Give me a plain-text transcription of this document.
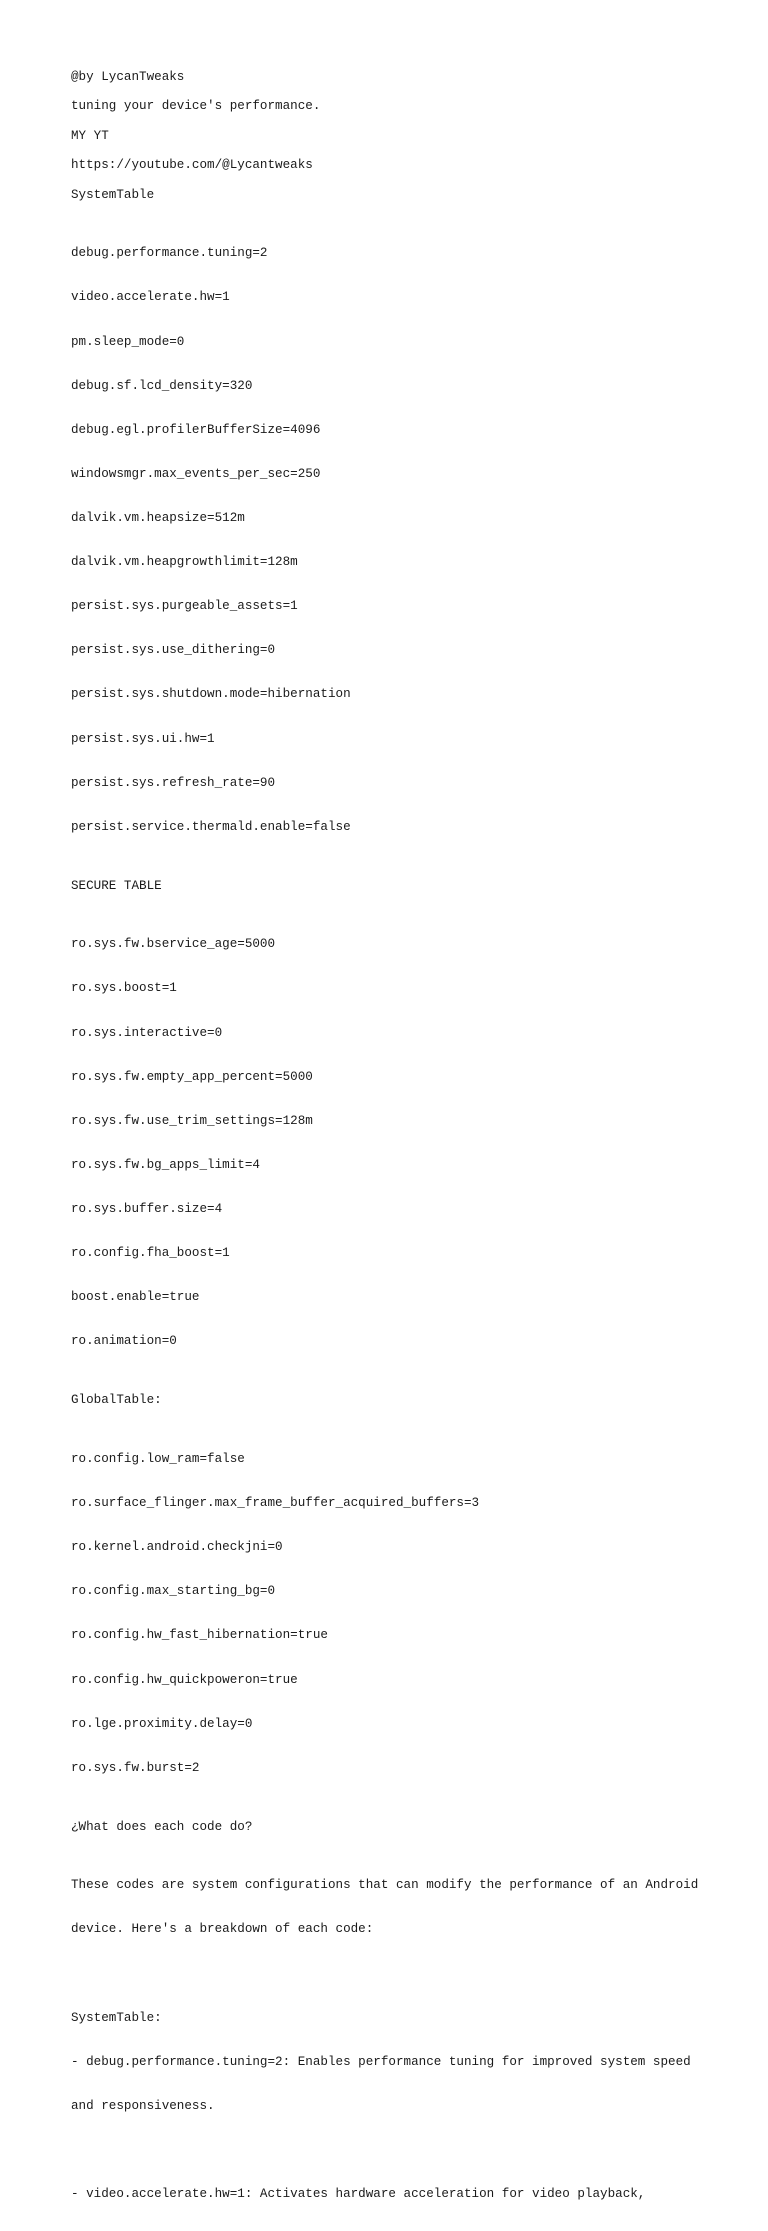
@by LycanTweaks
tuning your device's performance.
MY YT
https://youtube.com/@Lycantweaks
SystemTable

debug.performance.tuning=2

video.accelerate.hw=1

pm.sleep_mode=0

debug.sf.lcd_density=320

debug.egl.profilerBufferSize=4096

windowsmgr.max_events_per_sec=250

dalvik.vm.heapsize=512m

dalvik.vm.heapgrowthlimit=128m

persist.sys.purgeable_assets=1

persist.sys.use_dithering=0

persist.sys.shutdown.mode=hibernation

persist.sys.ui.hw=1

persist.sys.refresh_rate=90

persist.service.thermald.enable=false

SECURE TABLE

ro.sys.fw.bservice_age=5000

ro.sys.boost=1

ro.sys.interactive=0

ro.sys.fw.empty_app_percent=5000

ro.sys.fw.use_trim_settings=128m

ro.sys.fw.bg_apps_limit=4

ro.sys.buffer.size=4

ro.config.fha_boost=1

boost.enable=true

ro.animation=0

GlobalTable:

ro.config.low_ram=false

ro.surface_flinger.max_frame_buffer_acquired_buffers=3

ro.kernel.android.checkjni=0

ro.config.max_starting_bg=0

ro.config.hw_fast_hibernation=true

ro.config.hw_quickpoweron=true

ro.lge.proximity.delay=0

ro.sys.fw.burst=2

¿What does each code do?

These codes are system configurations that can modify the performance of an Android

device. Here's a breakdown of each code:

SystemTable:

- debug.performance.tuning=2: Enables performance tuning for improved system speed

and responsiveness.

- video.accelerate.hw=1: Activates hardware acceleration for video playback,
